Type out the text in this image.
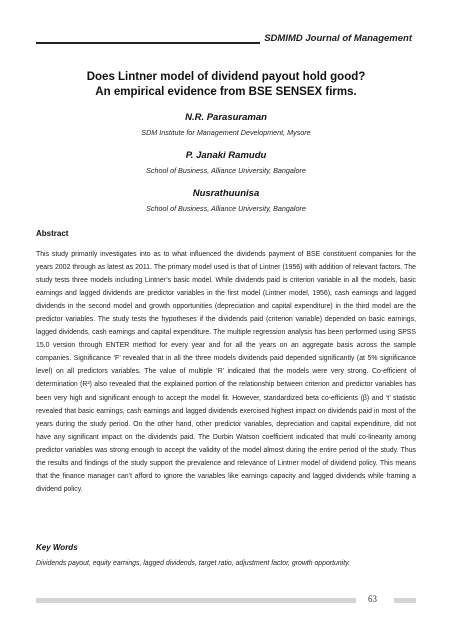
SDMIMD Journal of Management
Does Lintner model of dividend payout hold good?
An empirical evidence from BSE SENSEX firms.
N.R. Parasuraman
SDM Institute for Management Development, Mysore
P. Janaki Ramudu
School of Business, Alliance University, Bangalore
Nusrathuunisa
School of Business, Alliance University, Bangalore
Abstract
This study primarily investigates into as to what influenced the dividends payment of BSE constituent companies for the years 2002 through as latest as 2011. The primary model used is that of Lintner (1956) with addition of relevant factors. The study tests three models including Lintner’s basic model. While dividends paid is criterion variable in all the models, basic earnings and lagged dividends are predictor variables in the first model (Lintner model, 1956), cash earnings and lagged dividends in the second model and growth opportunities (depreciation and capital expenditure) in the third model are the predictor variables. The study tests the hypotheses if the dividends paid (criterion variable) depended on basic earnings, lagged dividends, cash earnings and capital expenditure. The multiple regression analysis has been performed using SPSS 15.0 version through ENTER method for every year and for all the years on an aggregate basis across the sample companies. Significance ‘F’ revealed that in all the three models dividends paid depended significantly (at 5% significance level) on all predictors variables. The value of multiple ‘R’ indicated that the models were very strong. Co-efficient of determination (R²) also revealed that the explained portion of the relationship between criterion and predictor variables has been very high and significant enough to accept the model fit. However, standardized beta co-efficients (β) and ‘t’ statistic revealed that basic earnings, cash earnings and lagged dividends exercised highest impact on dividends paid in most of the years during the study period. On the other hand, other predictor variables, depreciation and capital expenditure, did not have any significant impact on the dividends paid. The Durbin Watson coefficient indicated that multi co-linearity among predictor variables was strong enough to accept the validity of the model almost during the entire period of the study. Thus the results and findings of the study support the prevalence and relevance of Lintner model of dividend policy. This means that the finance manager can’t afford to ignore the variables like earnings capacity and lagged dividends while framing a dividend policy.
Key Words
Dividends payout, equity earnings, lagged dividends, target ratio, adjustment factor, growth opportunity.
63
